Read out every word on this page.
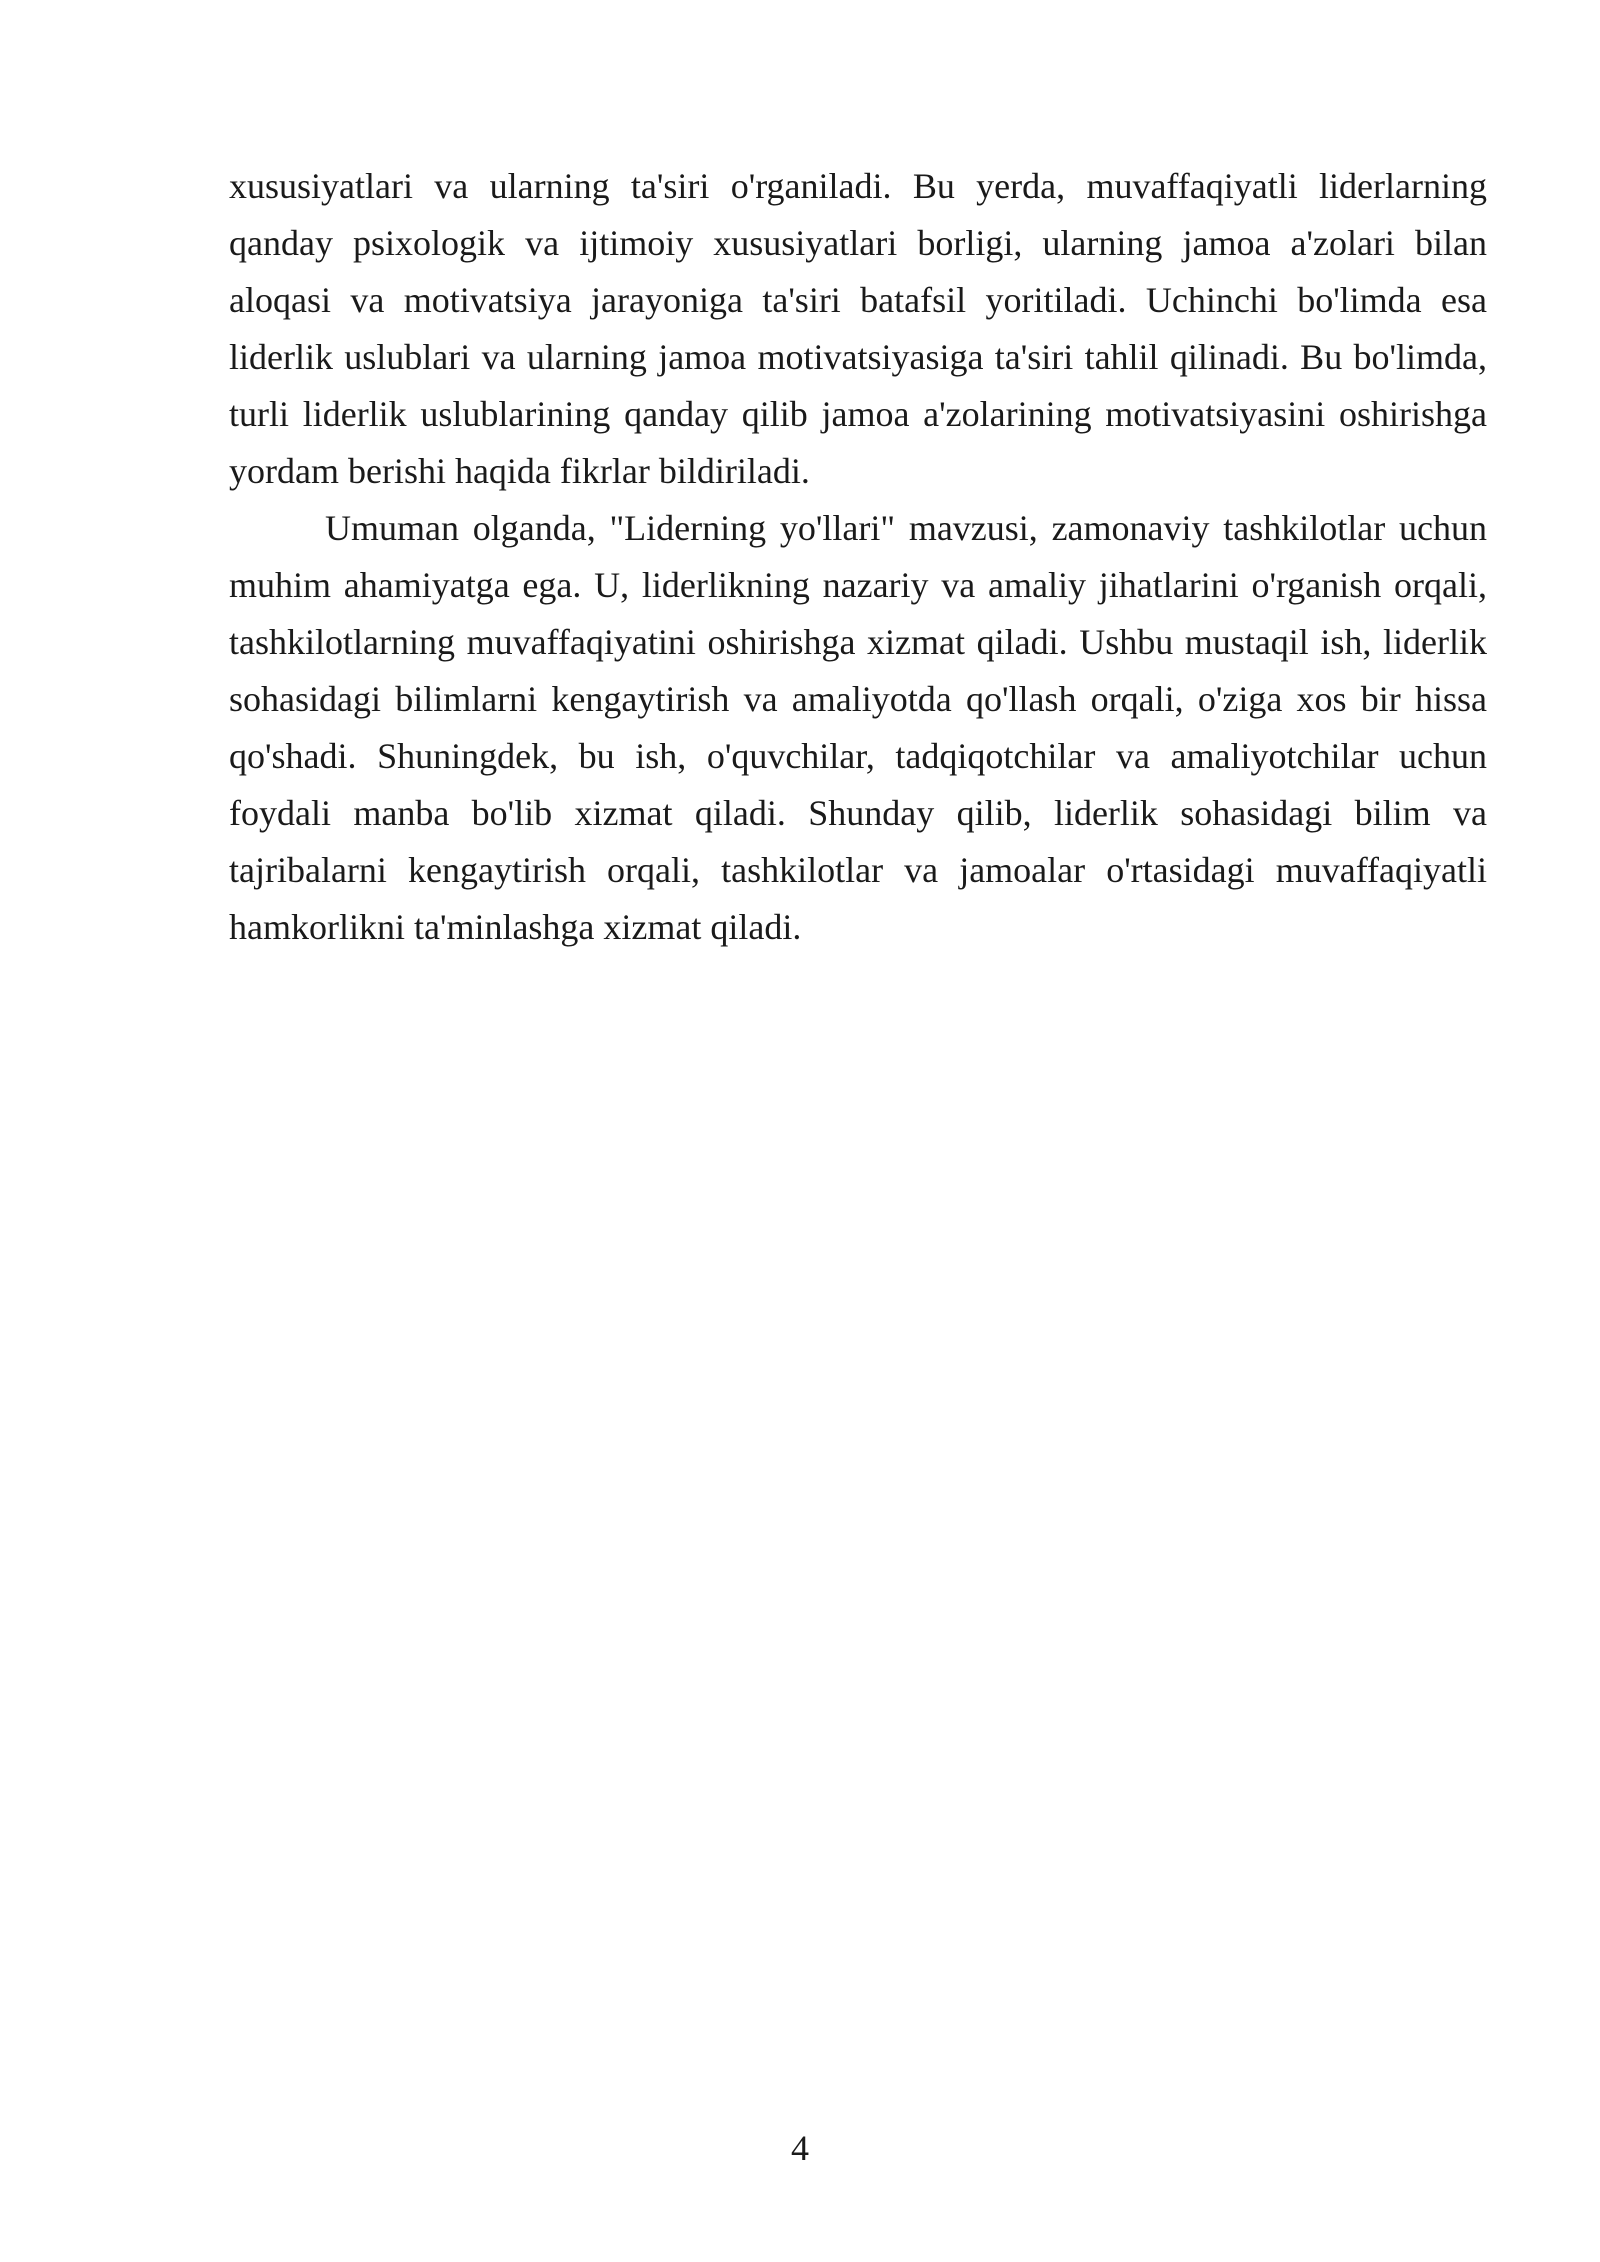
xususiyatlari va ularning ta'siri o'rganiladi. Bu yerda, muvaffaqiyatli liderlarning qanday psixologik va ijtimoiy xususiyatlari borligi, ularning jamoa a'zolari bilan aloqasi va motivatsiya jarayoniga ta'siri batafsil yoritiladi. Uchinchi bo'limda esa liderlik uslublari va ularning jamoa motivatsiyasiga ta'siri tahlil qilinadi. Bu bo'limda, turli liderlik uslublarining qanday qilib jamoa a'zolarining motivatsiyasini oshirishga yordam berishi haqida fikrlar bildiriladi.

Umuman olganda, "Liderning yo'llari" mavzusi, zamonaviy tashkilotlar uchun muhim ahamiyatga ega. U, liderlikning nazariy va amaliy jihatlarini o'rganish orqali, tashkilotlarning muvaffaqiyatini oshirishga xizmat qiladi. Ushbu mustaqil ish, liderlik sohasidagi bilimlarni kengaytirish va amaliyotda qo'llash orqali, o'ziga xos bir hissa qo'shadi. Shuningdek, bu ish, o'quvchilar, tadqiqotchilar va amaliyotchilar uchun foydali manba bo'lib xizmat qiladi. Shunday qilib, liderlik sohasidagi bilim va tajribalarni kengaytirish orqali, tashkilotlar va jamoalar o'rtasidagi muvaffaqiyatli hamkorlikni ta'minlashga xizmat qiladi.

4
